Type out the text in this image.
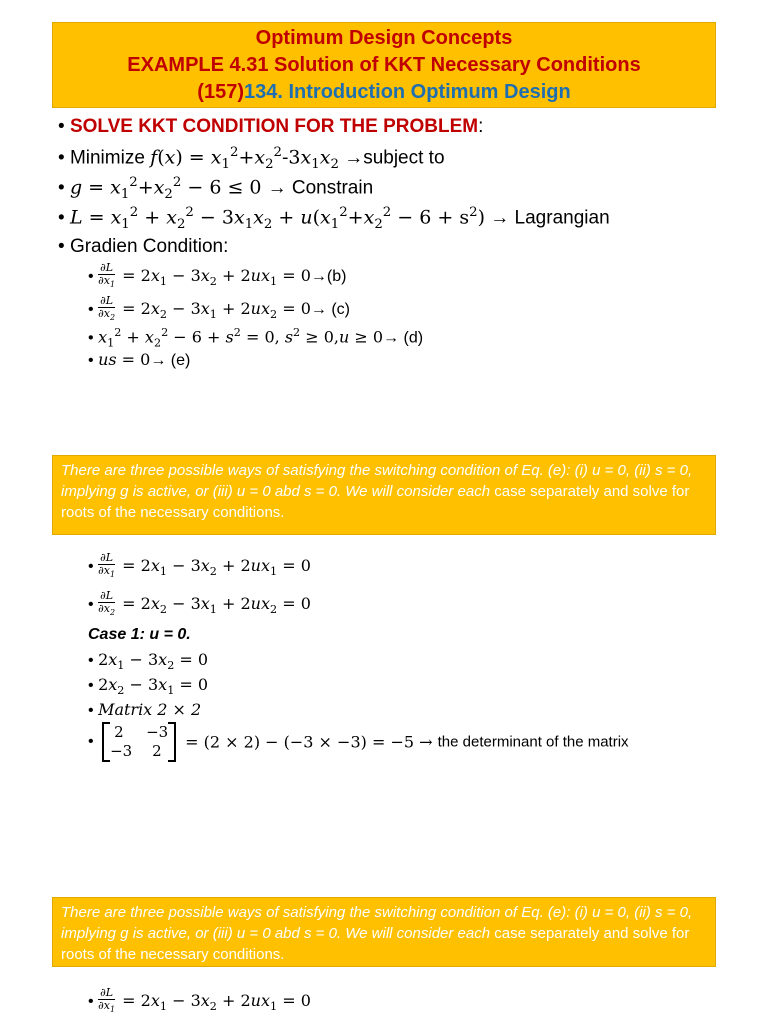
Optimum Design Concepts
EXAMPLE 4.31 Solution of KKT Necessary Conditions
(157)134. Introduction Optimum Design
• SOLVE KKT CONDITION FOR THE PROBLEM:
• Minimize $f(x) = x_1^2+x_2^2-3x_1x_2$ →subject to
• $g = x_1^2+x_2^2 - 6 \le 0$ → Constrain
• $L = x_1^2 + x_2^2 - 3x_1x_2 + u(x_1^2+x_2^2 - 6 + s^2)$ → Lagrangian
• Gradien Condition:
• $\frac{\partial L}{\partial x_1} = 2x_1 - 3x_2 + 2ux_1 = 0\to(b)$
• $\frac{\partial L}{\partial x_2} = 2x_2 - 3x_1 + 2ux_2 = 0\to (c)$
• $x_1^2 + x_2^2 - 6 + s^2 = 0$, $s^2 \ge 0,u \ge 0\to (d)$
• us = 0→ (e)
There are three possible ways of satisfying the switching condition of Eq. (e): (i) u = 0, (ii) s = 0, implying g is active, or (iii) u = 0 abd s = 0. We will consider each case separately and solve for roots of the necessary conditions.
• $\frac{\partial L}{\partial x_1} = 2x_1 - 3x_2 + 2ux_1 = 0$
• $\frac{\partial L}{\partial x_2} = 2x_2 - 3x_1 + 2ux_2 = 0$
Case 1: u = 0.
• $2x_1 - 3x_2 = 0$
• $2x_2 - 3x_1 = 0$
• Matrix 2 × 2
•
2 −3
−3 2 = (2 × 2) − (−3 × −3) = −5 → the determinant of the matrix
There are three possible ways of satisfying the switching condition of Eq. (e): (i) u = 0, (ii) s = 0, implying g is active, or (iii) u = 0 abd s = 0. We will consider each case separately and solve for roots of the necessary conditions.
• $\frac{\partial L}{\partial x_1} = 2x_1 - 3x_2 + 2ux_1 = 0$
